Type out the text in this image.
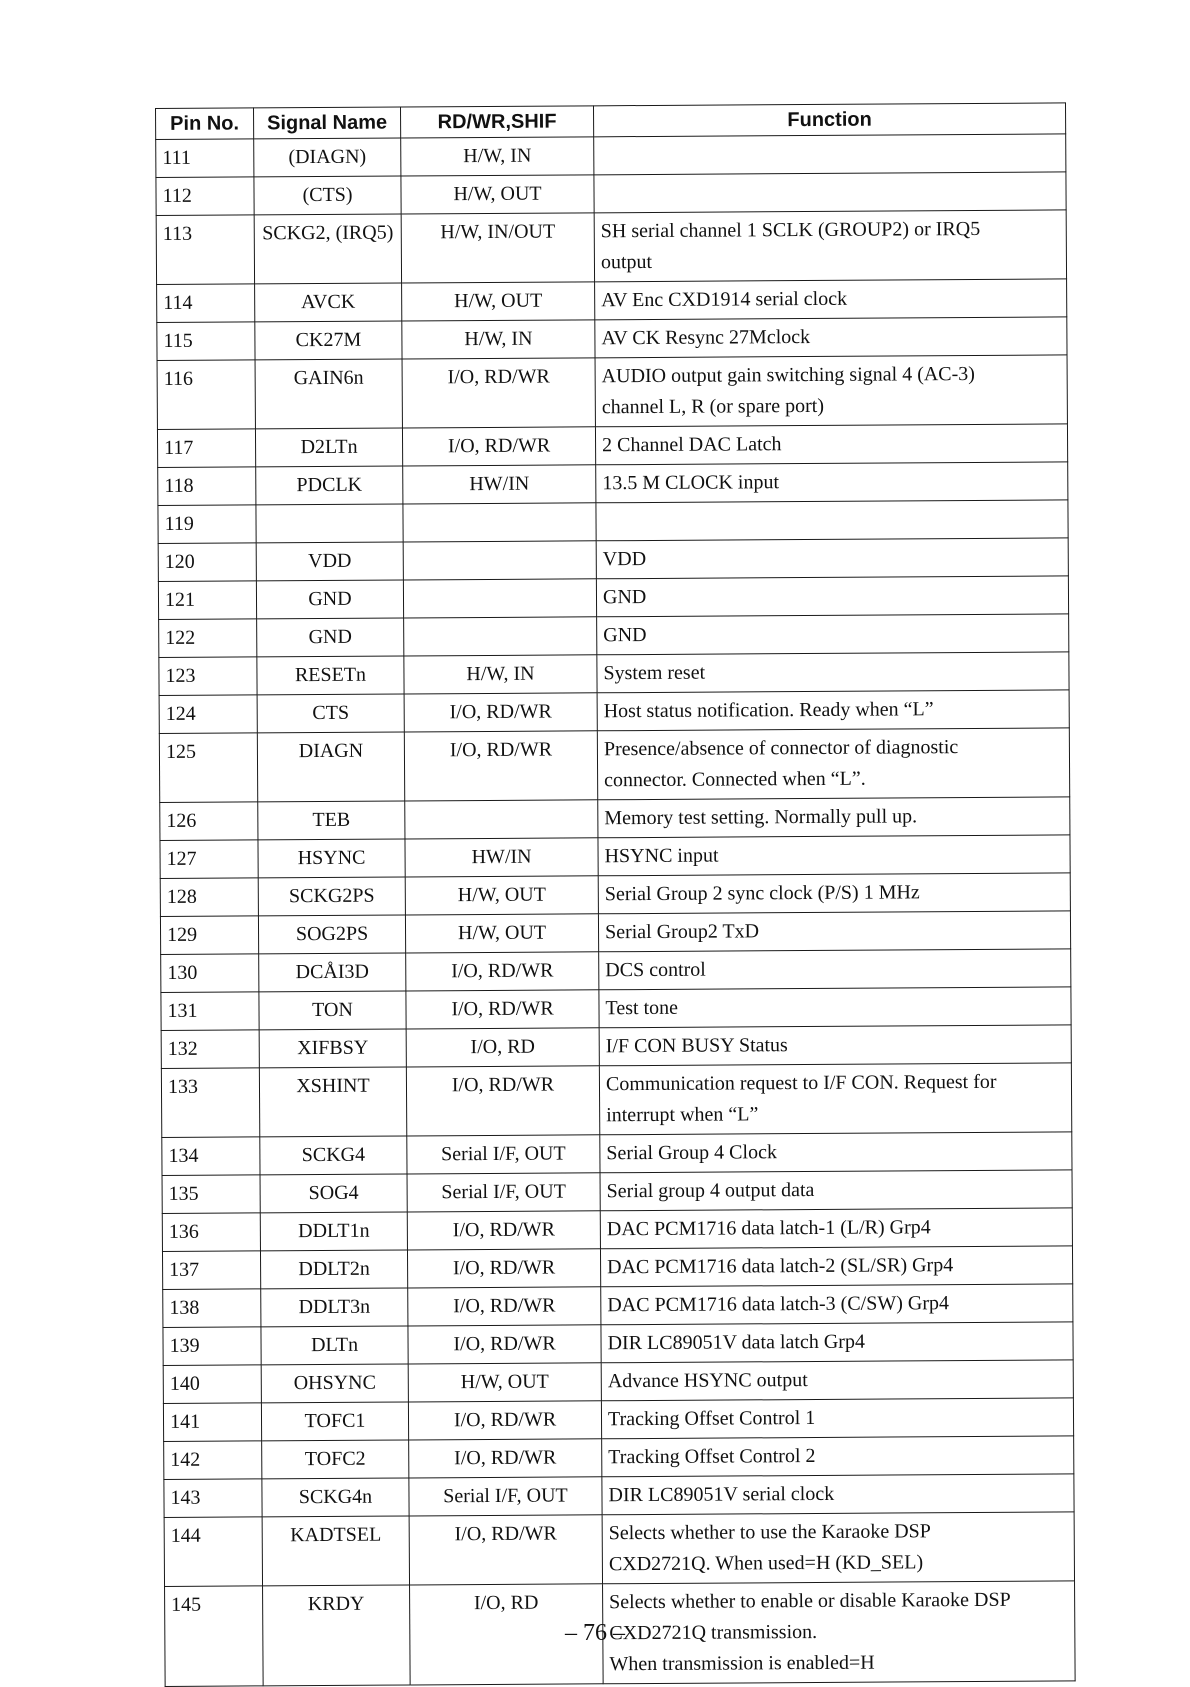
Pin No.	Signal Name	RD/WR,SHIF	Function
111	(DIAGN)	H/W, IN	
112	(CTS)	H/W, OUT	
113	SCKG2, (IRQ5)	H/W, IN/OUT	SH serial channel 1 SCLK (GROUP2) or IRQ5
output

114	AVCK	H/W, OUT	AV Enc CXD1914 serial clock

115	CK27M	H/W, IN	AV CK Resync 27Mclock

116	GAIN6n	I/O, RD/WR	AUDIO output gain switching signal 4 (AC-3)
channel L, R (or spare port)

117	D2LTn	I/O, RD/WR	2 Channel DAC Latch

118	PDCLK	HW/IN	13.5 M CLOCK input

119			
120	VDD		VDD

121	GND		GND

122	GND		GND

123	RESETn	H/W, IN	System reset

124	CTS	I/O, RD/WR	Host status notification. Ready when “L”

125	DIAGN	I/O, RD/WR	Presence/absence of connector of diagnostic
connector. Connected when “L”.

126	TEB		Memory test setting. Normally pull up.

127	HSYNC	HW/IN	HSYNC input

128	SCKG2PS	H/W, OUT	Serial Group 2 sync clock (P/S) 1 MHz

129	SOG2PS	H/W, OUT	Serial Group2 TxD

130	DCÅI3D	I/O, RD/WR	DCS control

131	TON	I/O, RD/WR	Test tone

132	XIFBSY	I/O, RD	I/F CON BUSY Status

133	XSHINT	I/O, RD/WR	Communication request to I/F CON. Request for
interrupt when “L”

134	SCKG4	Serial I/F, OUT	Serial Group 4 Clock

135	SOG4	Serial I/F, OUT	Serial group 4 output data

136	DDLT1n	I/O, RD/WR	DAC PCM1716 data latch-1 (L/R) Grp4

137	DDLT2n	I/O, RD/WR	DAC PCM1716 data latch-2 (SL/SR) Grp4

138	DDLT3n	I/O, RD/WR	DAC PCM1716 data latch-3 (C/SW) Grp4

139	DLTn	I/O, RD/WR	DIR LC89051V data latch Grp4

140	OHSYNC	H/W, OUT	Advance HSYNC output

141	TOFC1	I/O, RD/WR	Tracking Offset Control 1

142	TOFC2	I/O, RD/WR	Tracking Offset Control 2

143	SCKG4n	Serial I/F, OUT	DIR LC89051V serial clock

144	KADTSEL	I/O, RD/WR	Selects whether to use the Karaoke DSP
CXD2721Q. When used=H (KD_SEL)

145	KRDY	I/O, RD	Selects whether to enable or disable Karaoke DSP
CXD2721Q transmission.
When transmission is enabled=H
– 76 –
